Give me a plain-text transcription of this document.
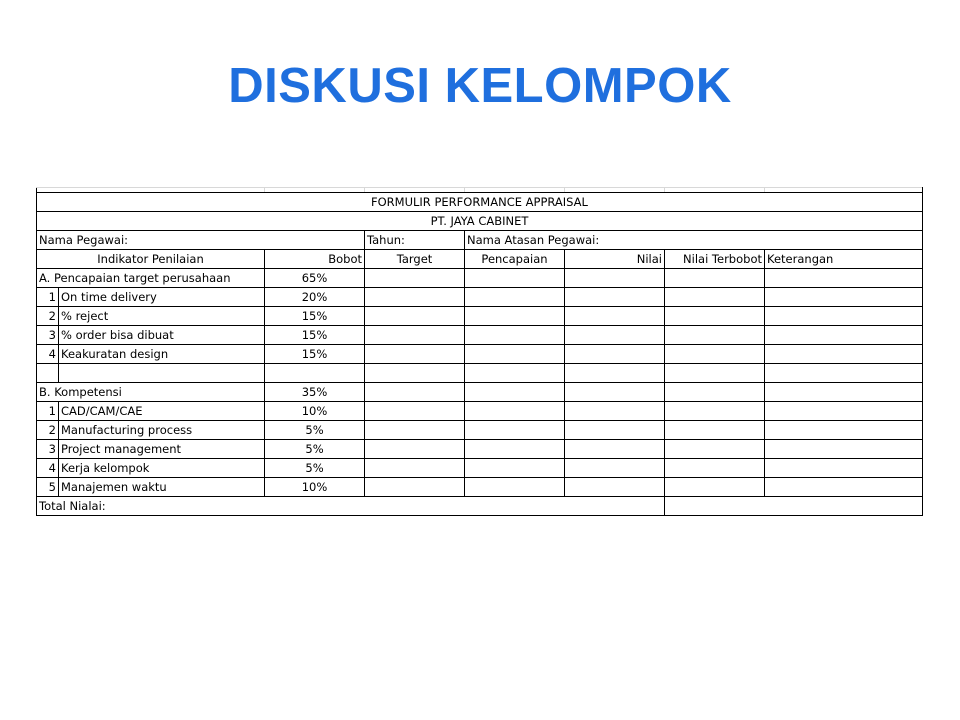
DISKUSI KELOMPOK

FORMULIR PERFORMANCE APPRAISAL							
PT. JAYA CABINET							
Nama Pegawai:			Tahun:	Nama Atasan Pegawai:			
Indikator Penilaian		Bobot	Target	Pencapaian	Nilai	Nilai Terbobot	Keterangan
A. Pencapaian target perusahaan		65%					
1	On time delivery	20%					
2	% reject	15%					
3	% order bisa dibuat	15%					
4	Keakuratan design	15%					

B. Kompetensi		35%					
1	CAD/CAM/CAE	10%					
2	Manufacturing process	5%					
3	Project management	5%					
4	Kerja kelompok	5%					
5	Manajemen waktu	10%					
Total Nialai:							
